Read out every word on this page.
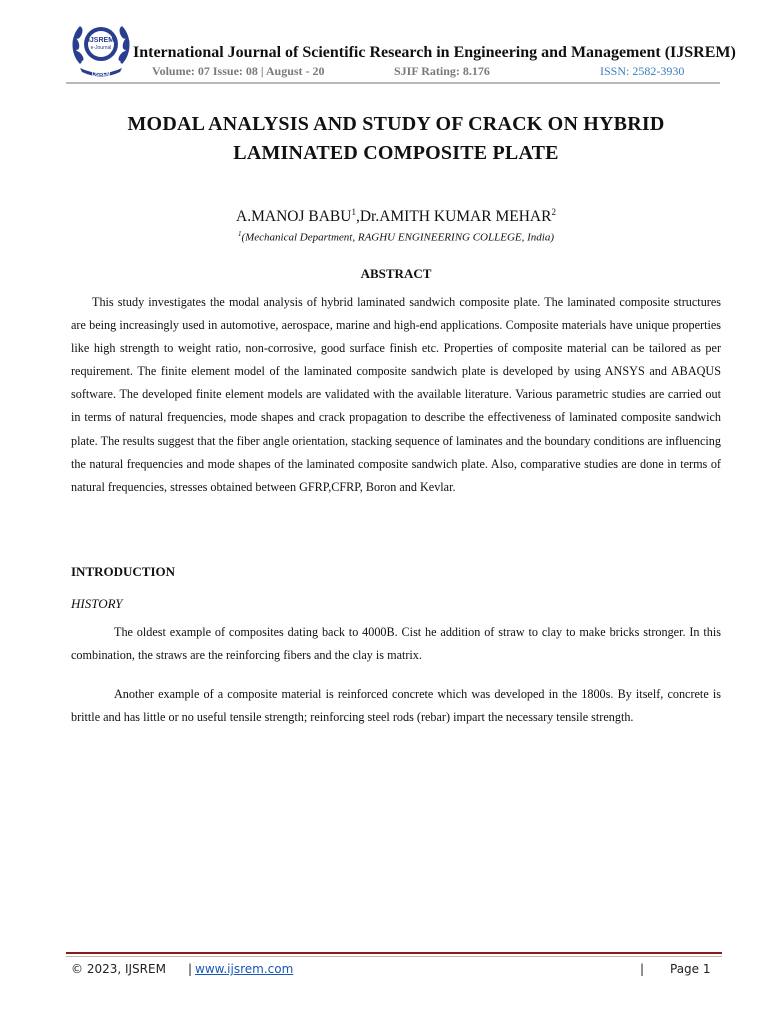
IJSREM
e-Journal
IJSREM
International Journal of Scientific Research in Engineering and Management (IJSREM)
Volume: 07 Issue: 08 | August - 20	SJIF Rating: 8.176	ISSN: 2582-3930
MODAL ANALYSIS AND STUDY OF CRACK ON HYBRID
LAMINATED COMPOSITE PLATE
A.MANOJ BABU$^1$,Dr.AMITH KUMAR MEHAR$^2$
$^1$(Mechanical Department, RAGHU ENGINEERING COLLEGE, India)
ABSTRACT

This study investigates the modal analysis of hybrid laminated sandwich composite plate. The laminated composite structures are being increasingly used in automotive, aerospace, marine and high-end applications. Composite materials have unique properties like high strength to weight ratio, non-corrosive, good surface finish etc. Properties of composite material can be tailored as per requirement. The finite element model of the laminated composite sandwich plate is developed by using ANSYS and ABAQUS software. The developed finite element models are validated with the available literature. Various parametric studies are carried out in terms of natural frequencies, mode shapes and crack propagation to describe the effectiveness of laminated composite sandwich plate. The results suggest that the fiber angle orientation, stacking sequence of laminates and the boundary conditions are influencing the natural frequencies and mode shapes of the laminated composite sandwich plate. Also, comparative studies are done in terms of natural frequencies, stresses obtained between GFRP,CFRP, Boron and Kevlar.

INTRODUCTION
HISTORY

The oldest example of composites dating back to 4000B. Cist he addition of straw to clay to make bricks stronger. In this combination, the straws are the reinforcing fibers and the clay is matrix.

Another example of a composite material is reinforced concrete which was developed in the 1800s. By itself, concrete is brittle and has little or no useful tensile strength; reinforcing steel rods (rebar) impart the necessary tensile strength.

© 2023, IJSREM | www.ijsrem.com	| Page 1
